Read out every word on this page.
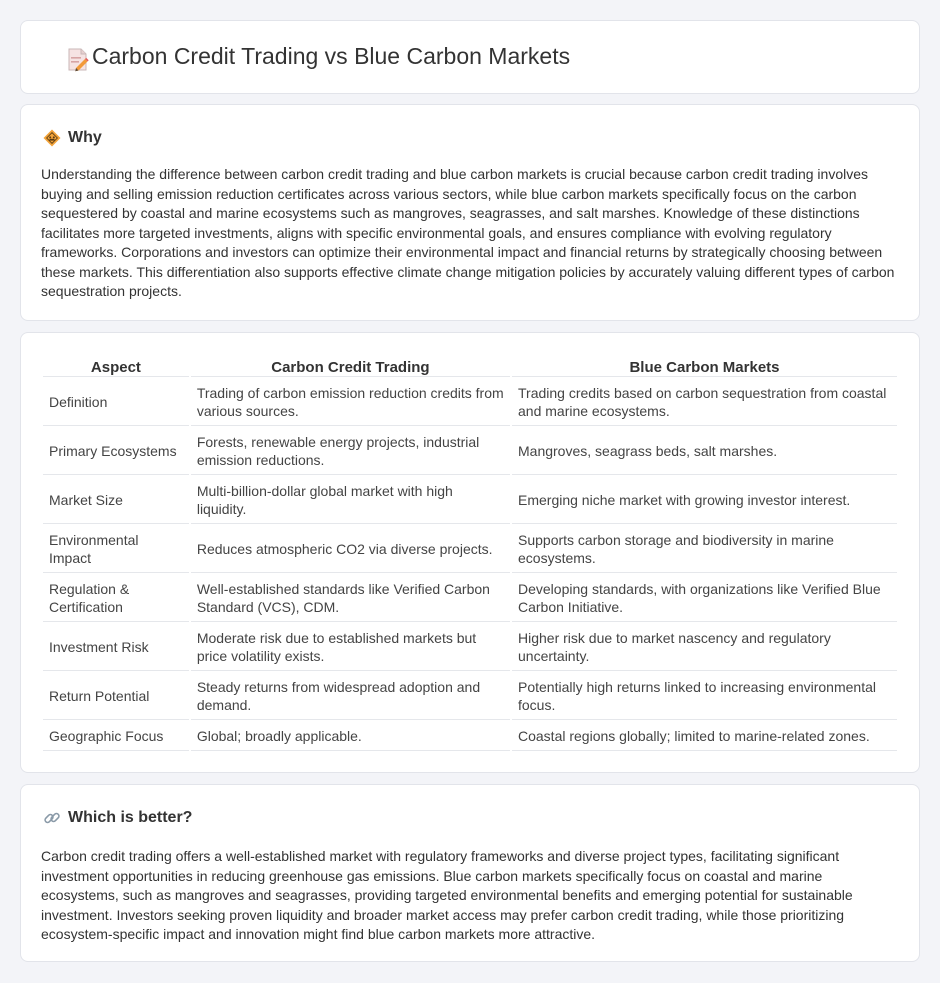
Carbon Credit Trading vs Blue Carbon Markets
Why

Understanding the difference between carbon credit trading and blue carbon markets is crucial because carbon credit trading involves buying and selling emission reduction certificates across various sectors, while blue carbon markets specifically focus on the carbon sequestered by coastal and marine ecosystems such as mangroves, seagrasses, and salt marshes. Knowledge of these distinctions facilitates more targeted investments, aligns with specific environmental goals, and ensures compliance with evolving regulatory frameworks. Corporations and investors can optimize their environmental impact and financial returns by strategically choosing between these markets. This differentiation also supports effective climate change mitigation policies by accurately valuing different types of carbon sequestration projects.

Aspect	Carbon Credit Trading	Blue Carbon Markets
Definition	Trading of carbon emission reduction credits from various sources.	Trading credits based on carbon sequestration from coastal and marine ecosystems.
Primary Ecosystems	Forests, renewable energy projects, industrial emission reductions.	Mangroves, seagrass beds, salt marshes.
Market Size	Multi-billion-dollar global market with high liquidity.	Emerging niche market with growing investor interest.
Environmental Impact	Reduces atmospheric CO2 via diverse projects.	Supports carbon storage and biodiversity in marine ecosystems.
Regulation & Certification	Well-established standards like Verified Carbon Standard (VCS), CDM.	Developing standards, with organizations like Verified Blue Carbon Initiative.
Investment Risk	Moderate risk due to established markets but price volatility exists.	Higher risk due to market nascency and regulatory uncertainty.
Return Potential	Steady returns from widespread adoption and demand.	Potentially high returns linked to increasing environmental focus.
Geographic Focus	Global; broadly applicable.	Coastal regions globally; limited to marine-related zones.
Which is better?

Carbon credit trading offers a well-established market with regulatory frameworks and diverse project types, facilitating significant investment opportunities in reducing greenhouse gas emissions. Blue carbon markets specifically focus on coastal and marine ecosystems, such as mangroves and seagrasses, providing targeted environmental benefits and emerging potential for sustainable investment. Investors seeking proven liquidity and broader market access may prefer carbon credit trading, while those prioritizing ecosystem-specific impact and innovation might find blue carbon markets more attractive.
